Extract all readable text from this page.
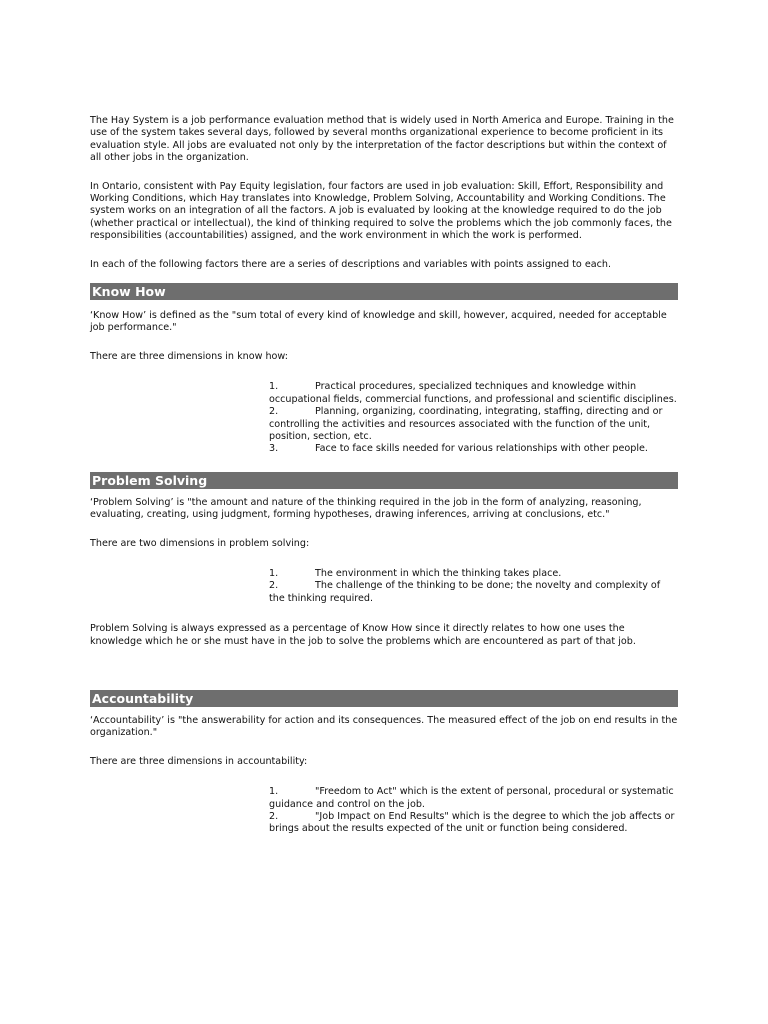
The Hay System is a job performance evaluation method that is widely used in North America and Europe. Training in the use of the system takes several days, followed by several months organizational experience to become proficient in its evaluation style. All jobs are evaluated not only by the interpretation of the factor descriptions but within the context of all other jobs in the organization.

In Ontario, consistent with Pay Equity legislation, four factors are used in job evaluation: Skill, Effort, Responsibility and Working Conditions, which Hay translates into Knowledge, Problem Solving, Accountability and Working Conditions. The system works on an integration of all the factors. A job is evaluated by looking at the knowledge required to do the job (whether practical or intellectual), the kind of thinking required to solve the problems which the job commonly faces, the responsibilities (accountabilities) assigned, and the work environment in which the work is performed.

In each of the following factors there are a series of descriptions and variables with points assigned to each.

Know How

‘Know How’ is defined as the "sum total of every kind of knowledge and skill, however, acquired, needed for acceptable job performance."

There are three dimensions in know how:

1.	Practical procedures, specialized techniques and knowledge within occupational fields, commercial functions, and professional and scientific disciplines.
2.	Planning, organizing, coordinating, integrating, staffing, directing and or controlling the activities and resources associated with the function of the unit, position, section, etc.
3.	Face to face skills needed for various relationships with other people.
Problem Solving

‘Problem Solving’ is "the amount and nature of the thinking required in the job in the form of analyzing, reasoning, evaluating, creating, using judgment, forming hypotheses, drawing inferences, arriving at conclusions, etc."

There are two dimensions in problem solving:

1.	The environment in which the thinking takes place.
2.	The challenge of the thinking to be done; the novelty and complexity of the thinking required.

Problem Solving is always expressed as a percentage of Know How since it directly relates to how one uses the knowledge which he or she must have in the job to solve the problems which are encountered as part of that job.

Accountability

‘Accountability’ is "the answerability for action and its consequences. The measured effect of the job on end results in the organization."

There are three dimensions in accountability:

1.	"Freedom to Act" which is the extent of personal, procedural or systematic guidance and control on the job.
2.	"Job Impact on End Results" which is the degree to which the job affects or brings about the results expected of the unit or function being considered.
